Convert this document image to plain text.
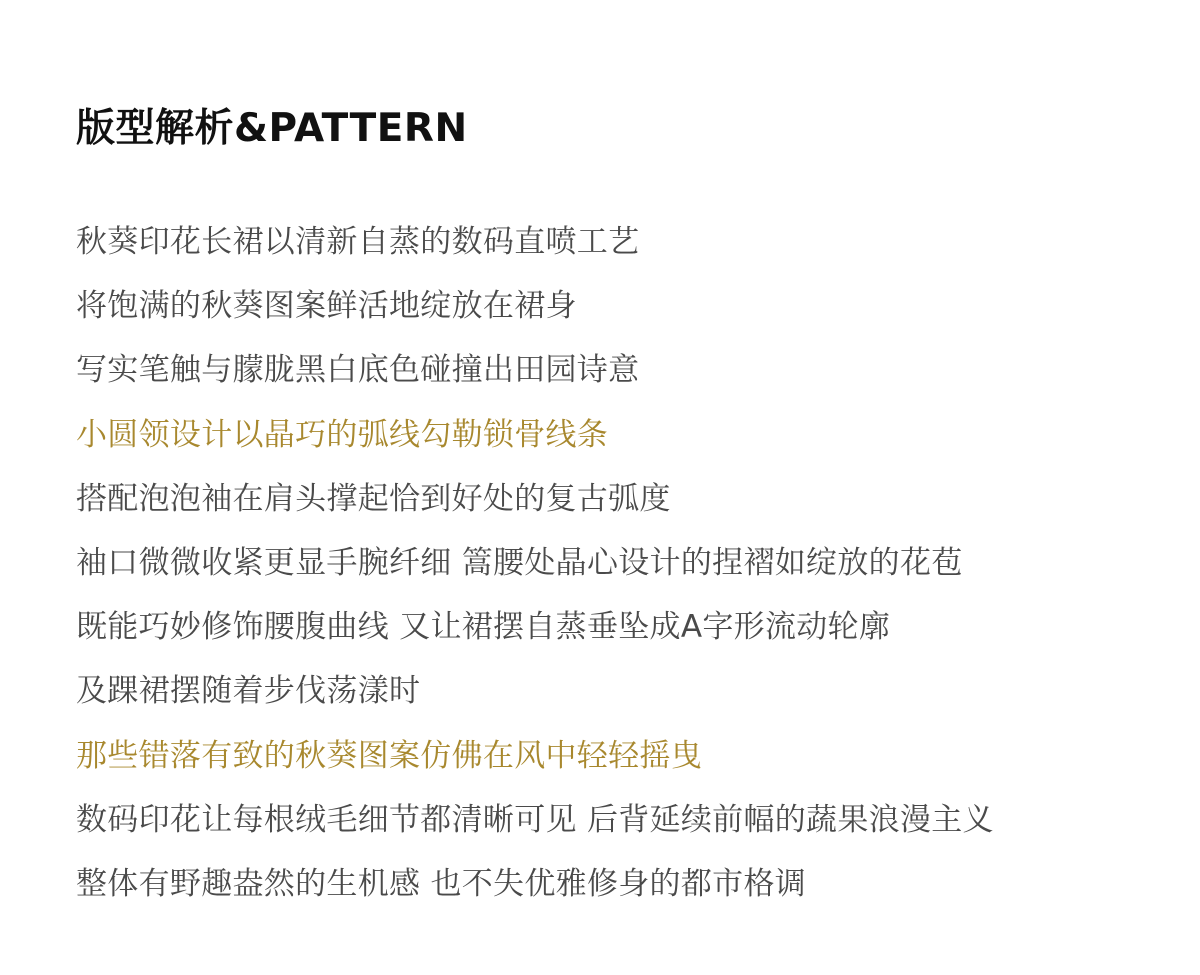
版型解析&PATTERN
秋葵印花长裙以清新自蒸的数码直喷工艺
将饱满的秋葵图案鲜活地绽放在裙身
写实笔触与朦胧黑白底色碰撞出田园诗意
小圆领设计以晶巧的弧线勾勒锁骨线条
搭配泡泡袖在肩头撑起恰到好处的复古弧度
袖口微微收紧更显手腕纤细 篙腰处晶心设计的捏褶如绽放的花苞
既能巧妙修饰腰腹曲线 又让裙摆自蒸垂坠成A字形流动轮廓
及踝裙摆随着步伐荡漾时
那些错落有致的秋葵图案仿佛在风中轻轻摇曳
数码印花让每根绒毛细节都清晰可见 后背延续前幅的蔬果浪漫主义
整体有野趣盎然的生机感 也不失优雅修身的都市格调
